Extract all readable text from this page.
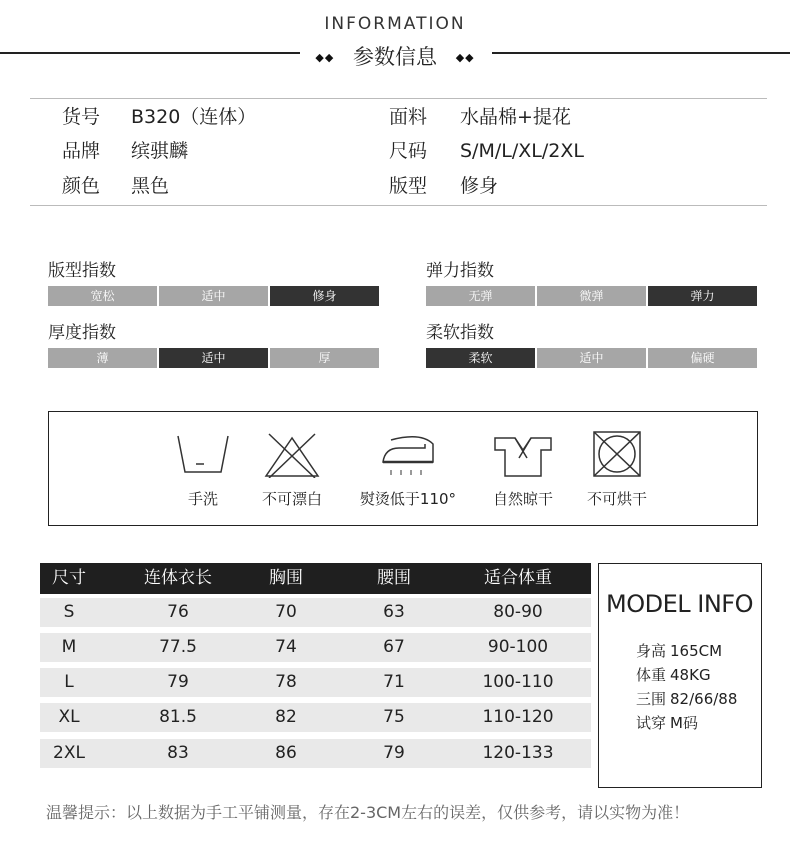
INFORMATION
◆◆ 参数信息 ◆◆
货号 B320（连体）	面料 水晶棉+提花
品牌 缤骐麟	尺码 S/M/L/XL/2XL
颜色 黑色	版型 修身
版型指数
宽松	适中	修身
弹力指数
无弹	微弹	弹力
厚度指数
薄	适中	厚
柔软指数
柔软	适中	偏硬
手洗	不可漂白	熨烫低于110°	自然晾干	不可烘干
尺寸	连体衣长	胸围	腰围	适合体重
S	76	70	63	80-90
M	77.5	74	67	90-100
L	79	78	71	100-110
XL	81.5	82	75	110-120
2XL	83	86	79	120-133
MODEL INFO
身高 165CM
体重 48KG
三围 82/66/88
试穿 M码
温馨提示：以上数据为手工平铺测量，存在2-3CM左右的误差，仅供参考，请以实物为准！
